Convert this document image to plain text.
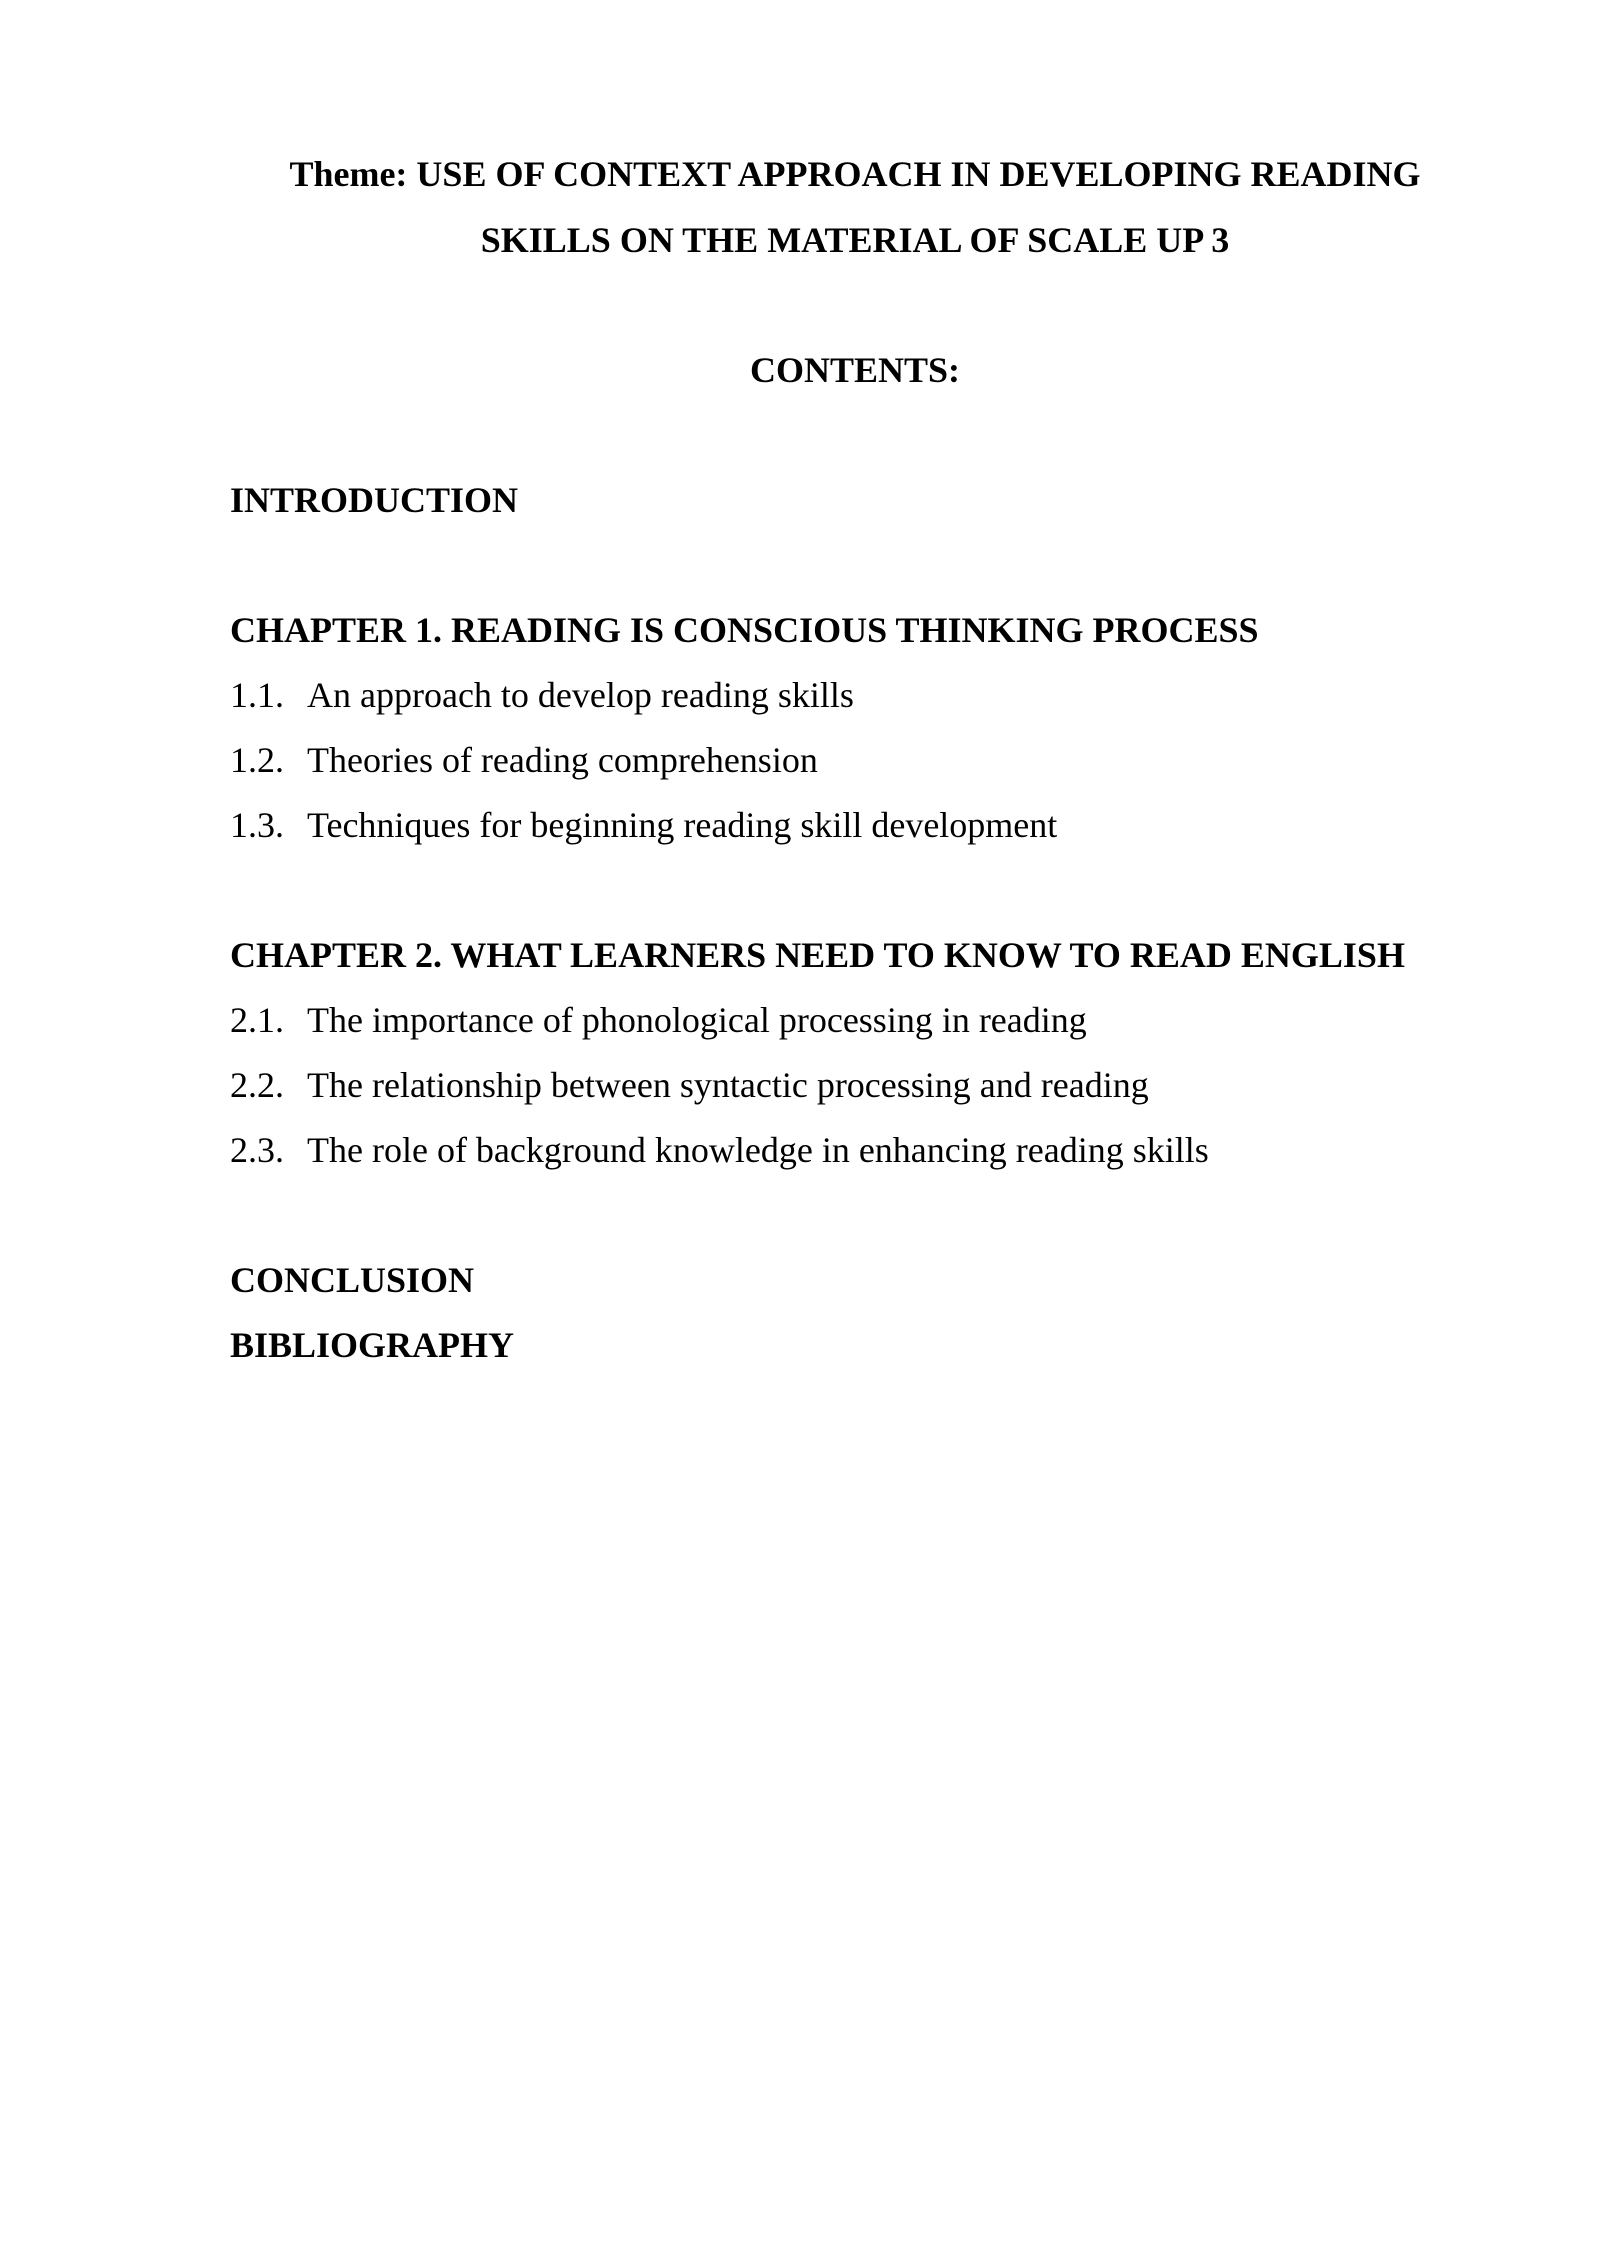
Theme: USE OF CONTEXT APPROACH IN DEVELOPING READING
SKILLS ON THE MATERIAL OF SCALE UP 3
CONTENTS:
INTRODUCTION
CHAPTER 1. READING IS CONSCIOUS THINKING PROCESS
1.1. An approach to develop reading skills
1.2. Theories of reading comprehension
1.3. Techniques for beginning reading skill development
CHAPTER 2. WHAT LEARNERS NEED TO KNOW TO READ ENGLISH
2.1. The importance of phonological processing in reading
2.2. The relationship between syntactic processing and reading
2.3. The role of background knowledge in enhancing reading skills
CONCLUSION
BIBLIOGRAPHY
